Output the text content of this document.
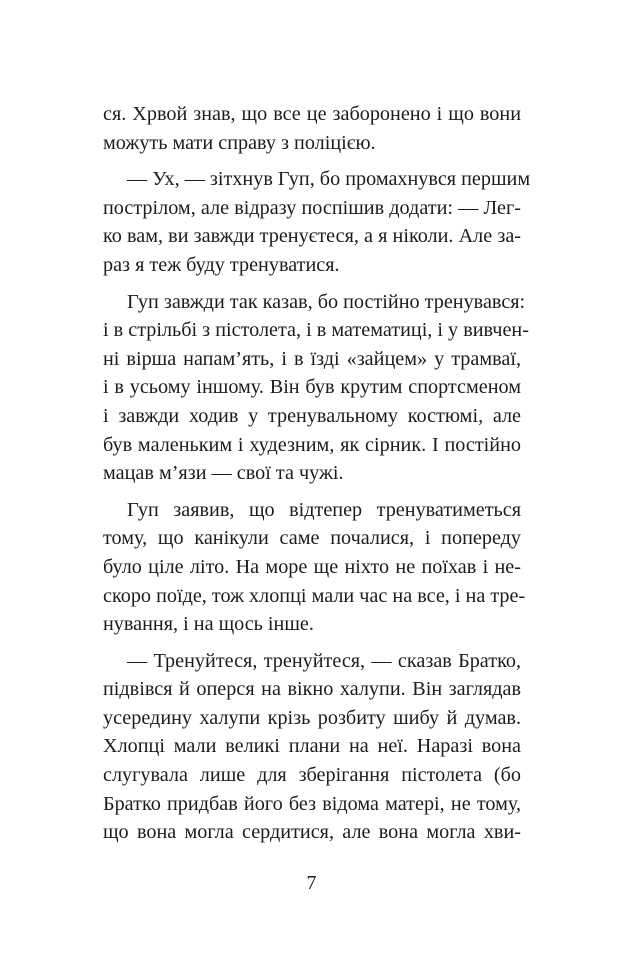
ся. Хрвой знав, що все це заборонено і що вони
можуть мати справу з поліцією.
— Ух, — зітхнув Гуп, бо промахнувся першим
пострілом, але відразу поспішив додати: — Лег-
ко вам, ви завжди тренуєтеся, а я ніколи. Але за-
раз я теж буду тренуватися.
Гуп завжди так казав, бо постійно тренувався:
і в стрільбі з пістолета, і в математиці, і у вивчен-
ні вірша напам’ять, і в їзді «зайцем» у трамваї,
і в усьому іншому. Він був крутим спортсменом
і завжди ходив у тренувальному костюмі, але
був маленьким і худезним, як сірник. І постійно
мацав м’язи — свої та чужі.
Гуп заявив, що відтепер тренуватиметься
тому, що канікули саме почалися, і попереду
було ціле літо. На море ще ніхто не поїхав і не-
скоро поїде, тож хлопці мали час на все, і на тре-
нування, і на щось інше.
— Тренуйтеся, тренуйтеся, — сказав Братко,
підвівся й оперся на вікно халупи. Він заглядав
усередину халупи крізь розбиту шибу й думав.
Хлопці мали великі плани на неї. Наразі вона
слугувала лише для зберігання пістолета (бо
Братко придбав його без відома матері, не тому,
що вона могла сердитися, але вона могла хви-
7
